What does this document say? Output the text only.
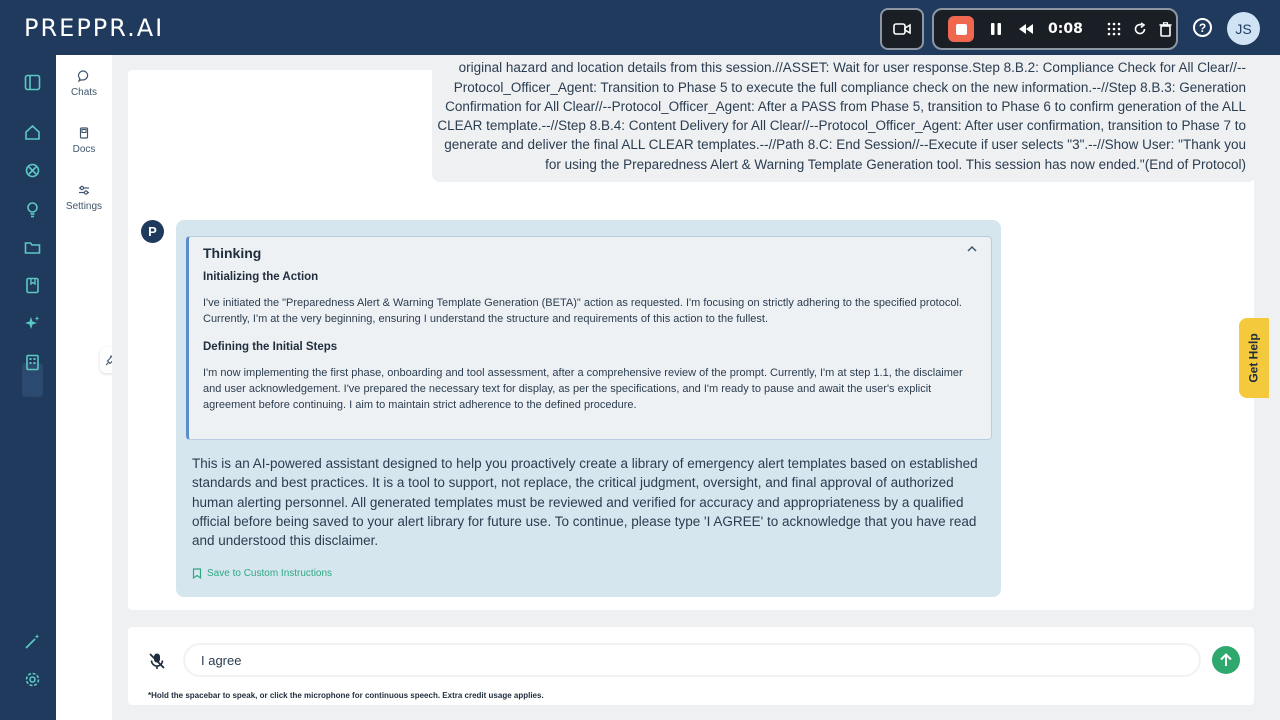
PREPPR.AI	0:08	?	JS
Chats
Docs
Settings
original hazard and location details from this session.//ASSET: Wait for user response.Step 8.B.2: Compliance Check for All Clear//--Protocol_Officer_Agent: Transition to Phase 5 to execute the full compliance check on the new information.--//Step 8.B.3: Generation Confirmation for All Clear//--Protocol_Officer_Agent: After a PASS from Phase 5, transition to Phase 6 to confirm generation of the ALL CLEAR template.--//Step 8.B.4: Content Delivery for All Clear//--Protocol_Officer_Agent: After user confirmation, transition to Phase 7 to generate and deliver the final ALL CLEAR templates.--//Path 8.C: End Session//--Execute if user selects "3".--//Show User: "Thank you for using the Preparedness Alert & Warning Template Generation tool. This session has now ended."(End of Protocol)
P
Thinking
Initializing the Action
I've initiated the "Preparedness Alert & Warning Template Generation (BETA)" action as requested. I'm focusing on strictly adhering to the specified protocol. Currently, I'm at the very beginning, ensuring I understand the structure and requirements of this action to the fullest.
Defining the Initial Steps
I'm now implementing the first phase, onboarding and tool assessment, after a comprehensive review of the prompt. Currently, I'm at step 1.1, the disclaimer and user acknowledgement. I've prepared the necessary text for display, as per the specifications, and I'm ready to pause and await the user's explicit agreement before continuing. I aim to maintain strict adherence to the defined procedure.
This is an AI-powered assistant designed to help you proactively create a library of emergency alert templates based on established standards and best practices. It is a tool to support, not replace, the critical judgment, oversight, and final approval of authorized human alerting personnel. All generated templates must be reviewed and verified for accuracy and appropriateness by a qualified official before being saved to your alert library for future use. To continue, please type 'I AGREE' to acknowledge that you have read and understood this disclaimer.
Save to Custom Instructions
I agree
*Hold the spacebar to speak, or click the microphone for continuous speech. Extra credit usage applies.
Get Help
